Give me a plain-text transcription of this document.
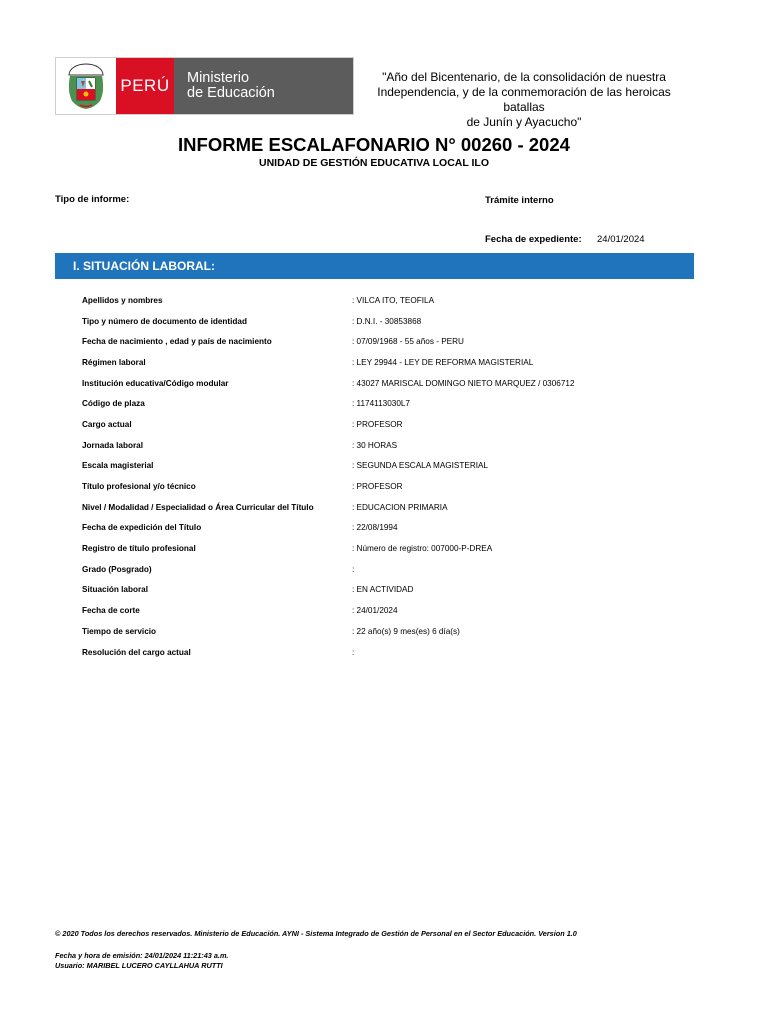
PERÚ	Ministerio
de Educación
"Año del Bicentenario, de la consolidación de nuestra
Independencia, y de la conmemoración de las heroicas batallas
de Junín y Ayacucho"
INFORME ESCALAFONARIO N° 00260 - 2024
UNIDAD DE GESTIÓN EDUCATIVA LOCAL ILO
Tipo de informe:	Trámite interno
Fecha de expediente: 24/01/2024
I. SITUACIÓN LABORAL:
Apellidos y nombres	: VILCA ITO, TEOFILA
Tipo y número de documento de identidad	: D.N.I. - 30853868
Fecha de nacimiento , edad y país de nacimiento	: 07/09/1968 - 55 años - PERU
Régimen laboral	: LEY 29944 - LEY DE REFORMA MAGISTERIAL
Institución educativa/Código modular	: 43027 MARISCAL DOMINGO NIETO MARQUEZ / 0306712
Código de plaza	: 1174113030L7
Cargo actual	: PROFESOR
Jornada laboral	: 30 HORAS
Escala magisterial	: SEGUNDA ESCALA MAGISTERIAL
Título profesional y/o técnico	: PROFESOR
Nivel / Modalidad / Especialidad o Área Curricular del Título	: EDUCACION PRIMARIA
Fecha de expedición del Título	: 22/08/1994
Registro de título profesional	: Número de registro: 007000-P-DREA
Grado (Posgrado)	:
Situación laboral	: EN ACTIVIDAD
Fecha de corte	: 24/01/2024
Tiempo de servicio	: 22 año(s) 9 mes(es) 6 día(s)
Resolución del cargo actual	:
© 2020 Todos los derechos reservados. Ministerio de Educación. AYNI - Sistema Integrado de Gestión de Personal en el Sector Educación. Version 1.0
Fecha y hora de emisión: 24/01/2024 11:21:43 a.m.
Usuario: MARIBEL LUCERO CAYLLAHUA RUTTI
